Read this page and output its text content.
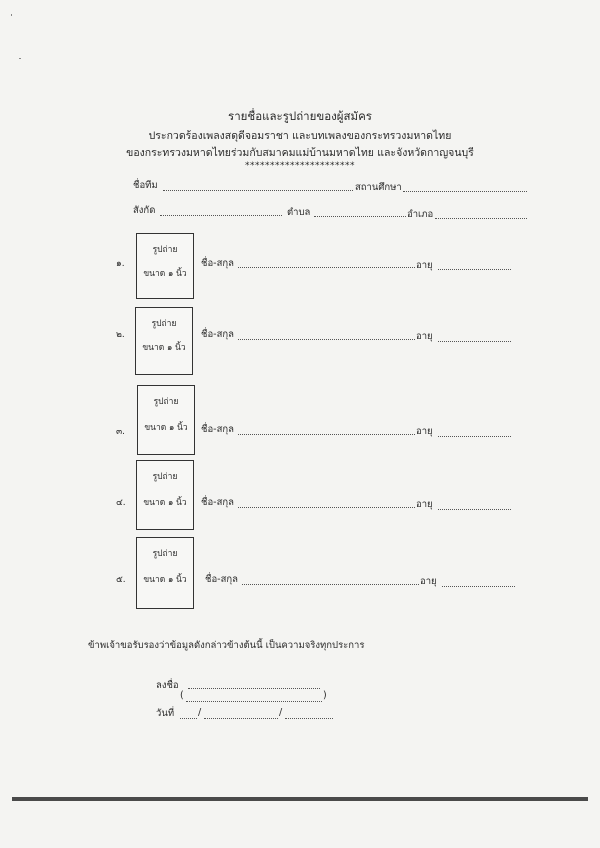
รายชื่อและรูปถ่ายของผู้สมัคร
ประกวดร้องเพลงสดุดีจอมราชา และบทเพลงของกระทรวงมหาดไทย
ของกระทรวงมหาดไทยร่วมกับสมาคมแม่บ้านมหาดไทย และจังหวัดกาญจนบุรี
**********************
ชื่อทีม	สถานศึกษา
สังกัด	ตำบล	อำเภอ
๑.
รูปถ่าย
ขนาด ๑ นิ้ว
ชื่อ-สกุล	อายุ
๒.
รูปถ่าย
ขนาด ๑ นิ้ว
ชื่อ-สกุล	อายุ
๓.
รูปถ่าย
ขนาด ๑ นิ้ว	ชื่อ-สกุล	อายุ
๔.
รูปถ่าย
ขนาด ๑ นิ้ว	ชื่อ-สกุล	อายุ
๕.
รูปถ่าย
ขนาด ๑ นิ้ว	ชื่อ-สกุล	อายุ
ข้าพเจ้าขอรับรองว่าข้อมูลดังกล่าวข้างต้นนี้ เป็นความจริงทุกประการ
ลงชื่อ
(	)
วันที่	/	/
